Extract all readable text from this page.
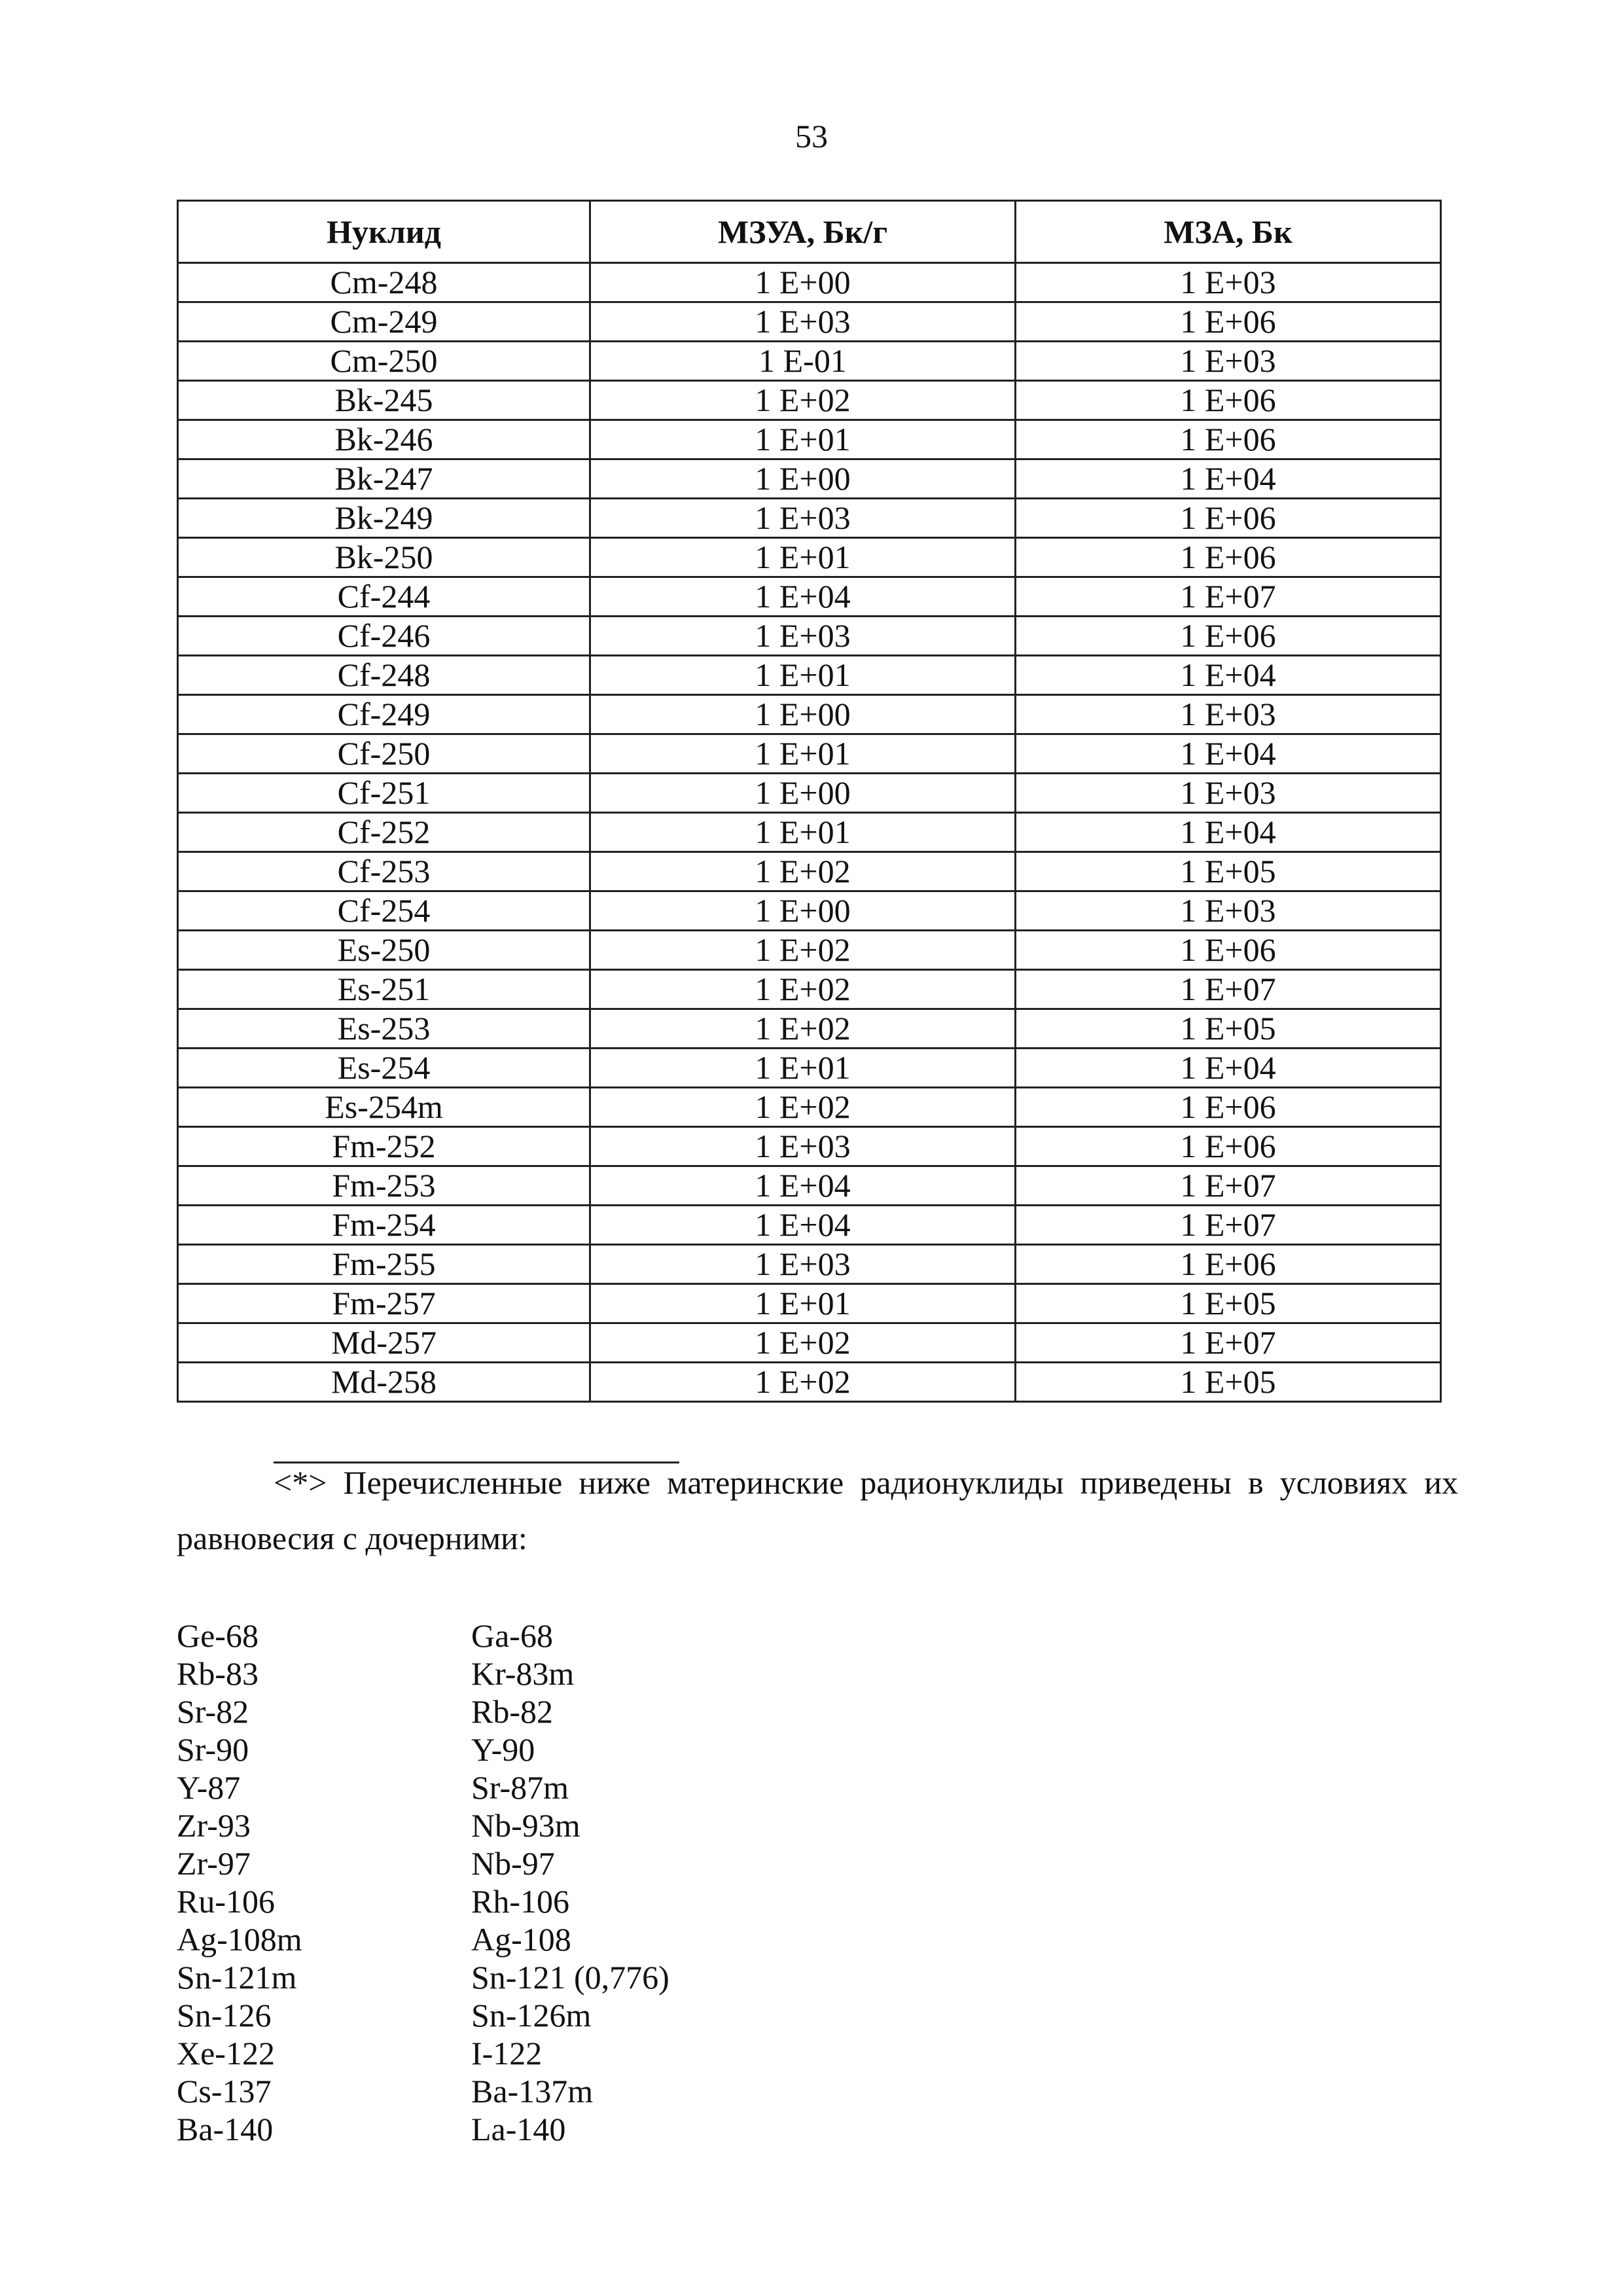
53
Нуклид	МЗУА, Бк/г	МЗА, Бк
Cm-248	1 E+00	1 E+03
Cm-249	1 E+03	1 E+06
Cm-250	1 E-01	1 E+03
Bk-245	1 E+02	1 E+06
Bk-246	1 E+01	1 E+06
Bk-247	1 E+00	1 E+04
Bk-249	1 E+03	1 E+06
Bk-250	1 E+01	1 E+06
Cf-244	1 E+04	1 E+07
Cf-246	1 E+03	1 E+06
Cf-248	1 E+01	1 E+04
Cf-249	1 E+00	1 E+03
Cf-250	1 E+01	1 E+04
Cf-251	1 E+00	1 E+03
Cf-252	1 E+01	1 E+04
Cf-253	1 E+02	1 E+05
Cf-254	1 E+00	1 E+03
Es-250	1 E+02	1 E+06
Es-251	1 E+02	1 E+07
Es-253	1 E+02	1 E+05
Es-254	1 E+01	1 E+04
Es-254m	1 E+02	1 E+06
Fm-252	1 E+03	1 E+06
Fm-253	1 E+04	1 E+07
Fm-254	1 E+04	1 E+07
Fm-255	1 E+03	1 E+06
Fm-257	1 E+01	1 E+05
Md-257	1 E+02	1 E+07
Md-258	1 E+02	1 E+05
<*> Перечисленные ниже материнские радионуклиды приведены в условиях их
равновесия с дочерними:
Ge-68	Ga-68
Rb-83	Kr-83m
Sr-82	Rb-82
Sr-90	Y-90
Y-87	Sr-87m
Zr-93	Nb-93m
Zr-97	Nb-97
Ru-106	Rh-106
Ag-108m	Ag-108
Sn-121m	Sn-121 (0,776)
Sn-126	Sn-126m
Xe-122	I-122
Cs-137	Ba-137m
Ba-140	La-140
